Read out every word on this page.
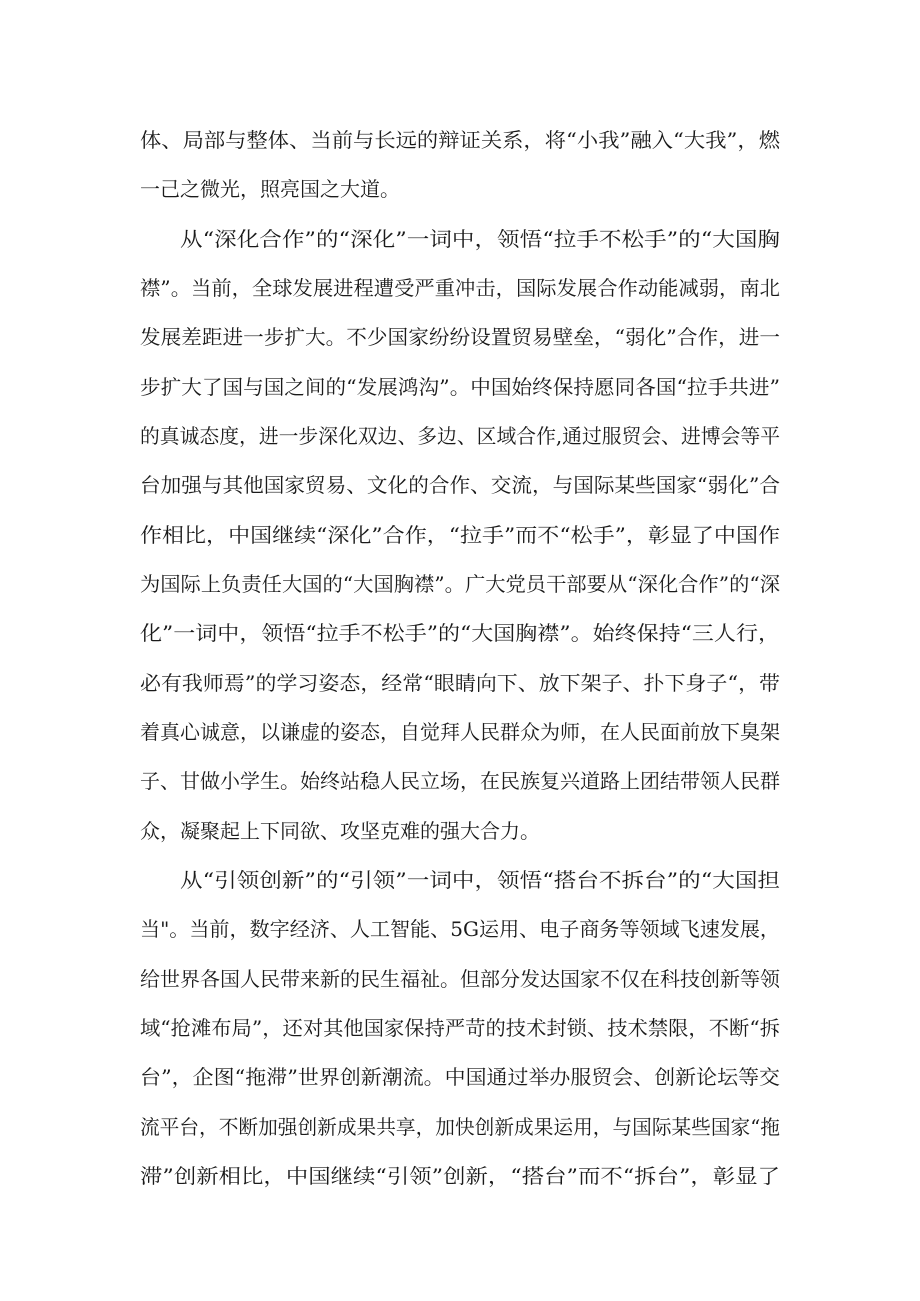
体、局部与整体、当前与长远的辩证关系，将“小我”融入“大我”，燃
一己之微光，照亮国之大道。
从“深化合作”的“深化”一词中，领悟“拉手不松手”的“大国胸
襟”。当前，全球发展进程遭受严重冲击，国际发展合作动能减弱，南北
发展差距进一步扩大。不少国家纷纷设置贸易壁垒，“弱化”合作，进一
步扩大了国与国之间的“发展鸿沟”。中国始终保持愿同各国“拉手共进”
的真诚态度，进一步深化双边、多边、区域合作,通过服贸会、进博会等平
台加强与其他国家贸易、文化的合作、交流，与国际某些国家“弱化”合
作相比，中国继续“深化”合作，“拉手”而不“松手”，彰显了中国作
为国际上负责任大国的“大国胸襟”。广大党员干部要从“深化合作”的“深
化”一词中，领悟“拉手不松手”的“大国胸襟”。始终保持“三人行，
必有我师焉”的学习姿态，经常“眼睛向下、放下架子、扑下身子“，带
着真心诚意，以谦虚的姿态，自觉拜人民群众为师，在人民面前放下臭架
子、甘做小学生。始终站稳人民立场，在民族复兴道路上团结带领人民群
众，凝聚起上下同欲、攻坚克难的强大合力。
从“引领创新”的“引领”一词中，领悟“搭台不拆台”的“大国担
当"。当前，数字经济、人工智能、5G运用、电子商务等领域飞速发展，
给世界各国人民带来新的民生福祉。但部分发达国家不仅在科技创新等领
域“抢滩布局”，还对其他国家保持严苛的技术封锁、技术禁限，不断“拆
台”，企图“拖滞”世界创新潮流。中国通过举办服贸会、创新论坛等交
流平台，不断加强创新成果共享，加快创新成果运用，与国际某些国家“拖
滞”创新相比，中国继续“引领”创新，“搭台”而不“拆台”，彰显了
